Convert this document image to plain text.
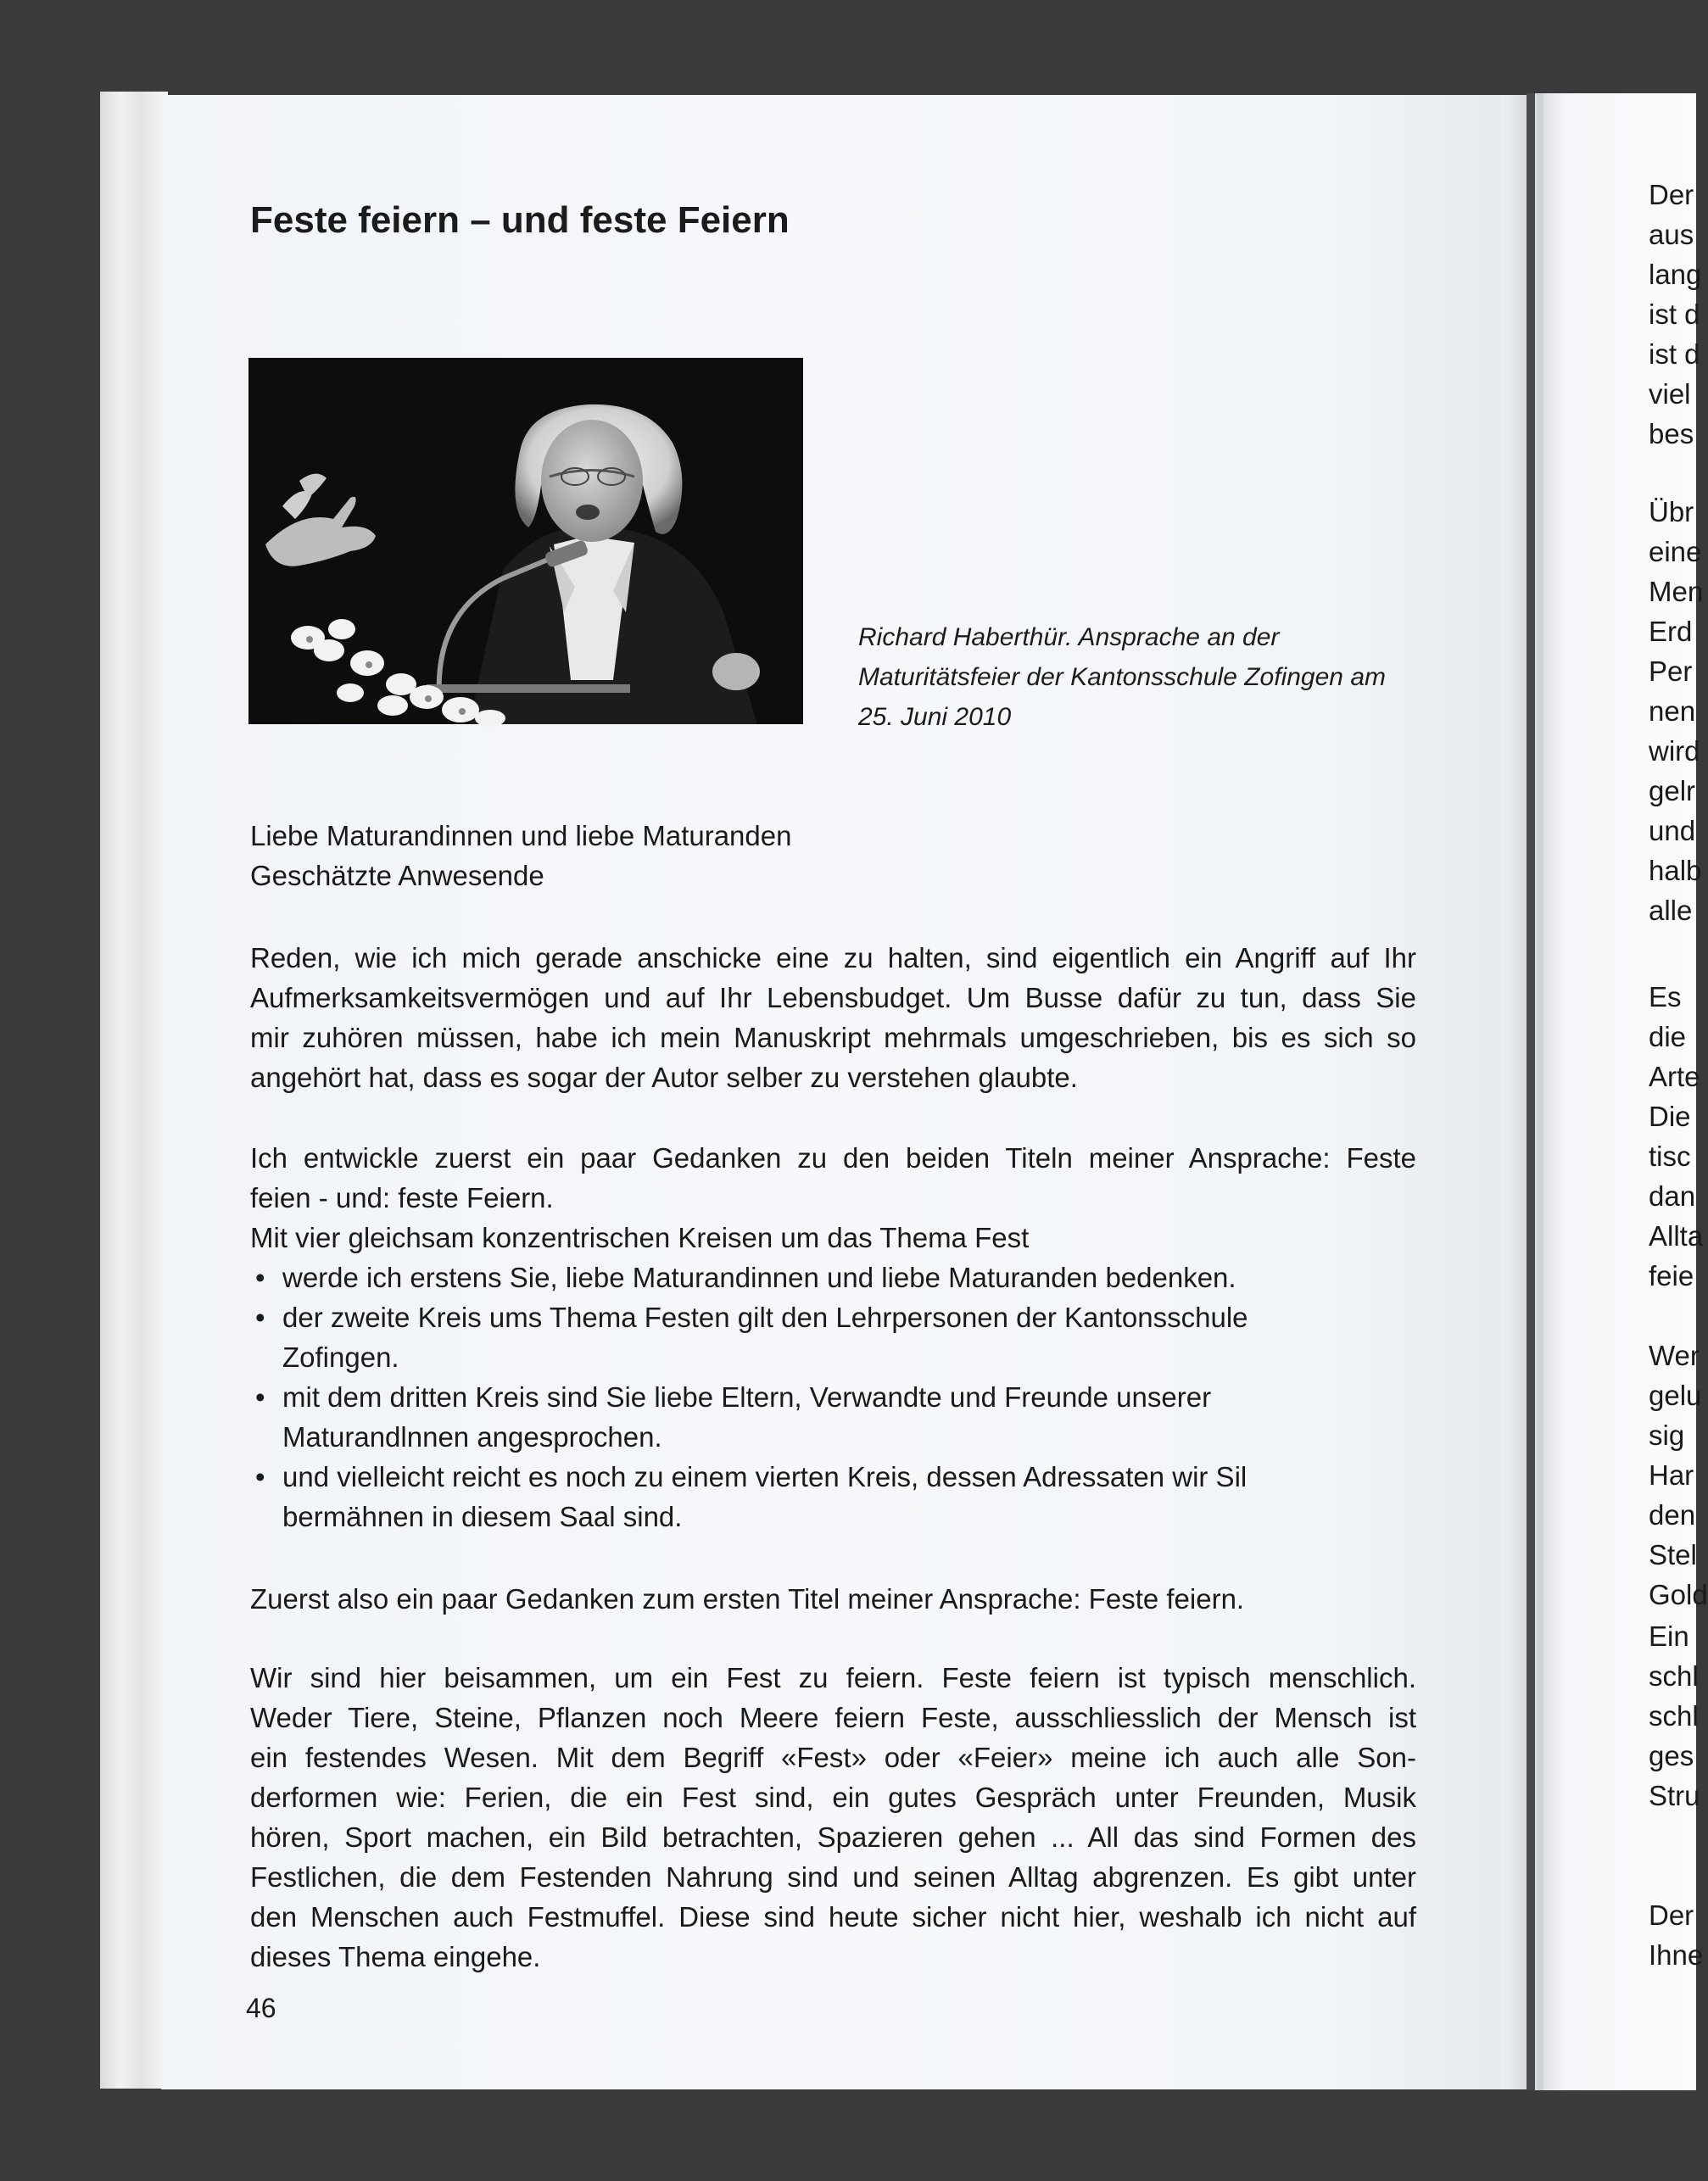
Feste feiern – und feste Feiern
Richard Haberthür. Ansprache an der
Maturitätsfeier der Kantonsschule Zofingen am
25. Juni 2010
Liebe Maturandinnen und liebe Maturanden
Geschätzte Anwesende
Reden, wie ich mich gerade anschicke eine zu halten, sind eigentlich ein Angriff auf Ihr
Aufmerksamkeitsvermögen und auf Ihr Lebensbudget. Um Busse dafür zu tun, dass Sie
mir zuhören müssen, habe ich mein Manuskript mehrmals umgeschrieben, bis es sich so
angehört hat, dass es sogar der Autor selber zu verstehen glaubte.
Ich entwickle zuerst ein paar Gedanken zu den beiden Titeln meiner Ansprache: Feste
feien - und: feste Feiern.
Mit vier gleichsam konzentrischen Kreisen um das Thema Fest
• werde ich erstens Sie, liebe Maturandinnen und liebe Maturanden bedenken.
• der zweite Kreis ums Thema Festen gilt den Lehrpersonen der Kantonsschule
Zofingen.
• mit dem dritten Kreis sind Sie liebe Eltern, Verwandte und Freunde unserer
Maturandlnnen angesprochen.
• und vielleicht reicht es noch zu einem vierten Kreis, dessen Adressaten wir Sil
bermähnen in diesem Saal sind.
Zuerst also ein paar Gedanken zum ersten Titel meiner Ansprache: Feste feiern.
Wir sind hier beisammen, um ein Fest zu feiern. Feste feiern ist typisch menschlich.
Weder Tiere, Steine, Pflanzen noch Meere feiern Feste, ausschliesslich der Mensch ist
ein festendes Wesen. Mit dem Begriff «Fest» oder «Feier» meine ich auch alle Son-
derformen wie: Ferien, die ein Fest sind, ein gutes Gespräch unter Freunden, Musik
hören, Sport machen, ein Bild betrachten, Spazieren gehen ... All das sind Formen des
Festlichen, die dem Festenden Nahrung sind und seinen Alltag abgrenzen. Es gibt unter
den Menschen auch Festmuffel. Diese sind heute sicher nicht hier, weshalb ich nicht auf
dieses Thema eingehe.
46
Der
aus
lang
ist d
ist d
viel
bes
Übr
eine
Men
Erd
Per
nen
wird
gelr
und
halb
alle
Es
die
Arte
Die
tisc
dan
Allta
feie
Wer
gelu
sig
Har
den
Stel
Gold
Ein
schl
schl
ges
Stru
Der
Ihne
